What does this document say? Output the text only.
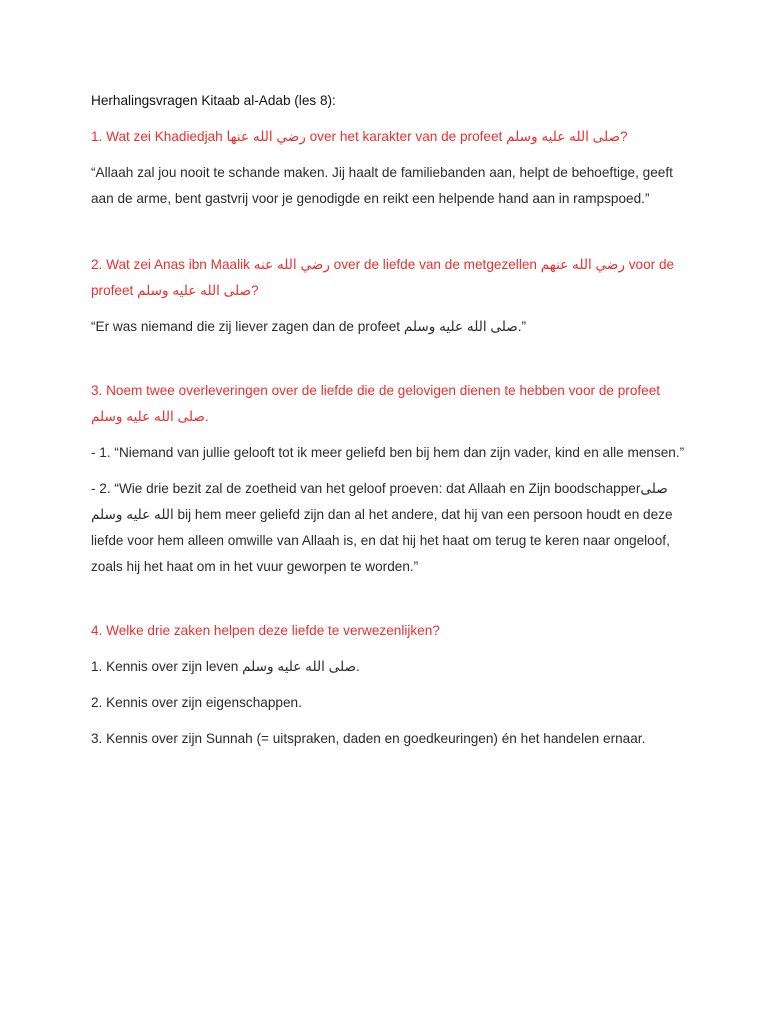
Herhalingsvragen Kitaab al-Adab (les 8):

1. Wat zei Khadiedjah رضي الله عنها over het karakter van de profeet صلى الله عليه وسلم?

“Allaah zal jou nooit te schande maken. Jij haalt de familiebanden aan, helpt de behoeftige, geeft aan de arme, bent gastvrij voor je genodigde en reikt een helpende hand aan in rampspoed.”

2. Wat zei Anas ibn Maalik رضي الله عنه over de liefde van de metgezellen رضي الله عنهم voor de profeet صلى الله عليه وسلم?

“Er was niemand die zij liever zagen dan de profeet صلى الله عليه وسلم.”

3. Noem twee overleveringen over de liefde die de gelovigen dienen te hebben voor de profeet صلى الله عليه وسلم.

- 1. “Niemand van jullie gelooft tot ik meer geliefd ben bij hem dan zijn vader, kind en alle mensen.”

- 2. “Wie drie bezit zal de zoetheid van het geloof proeven: dat Allaah en Zijn boodschapperصلى الله عليه وسلم bij hem meer geliefd zijn dan al het andere, dat hij van een persoon houdt en deze liefde voor hem alleen omwille van Allaah is, en dat hij het haat om terug te keren naar ongeloof, zoals hij het haat om in het vuur geworpen te worden.”

4. Welke drie zaken helpen deze liefde te verwezenlijken?

1. Kennis over zijn leven صلى الله عليه وسلم.

2. Kennis over zijn eigenschappen.

3. Kennis over zijn Sunnah (= uitspraken, daden en goedkeuringen) én het handelen ernaar.
